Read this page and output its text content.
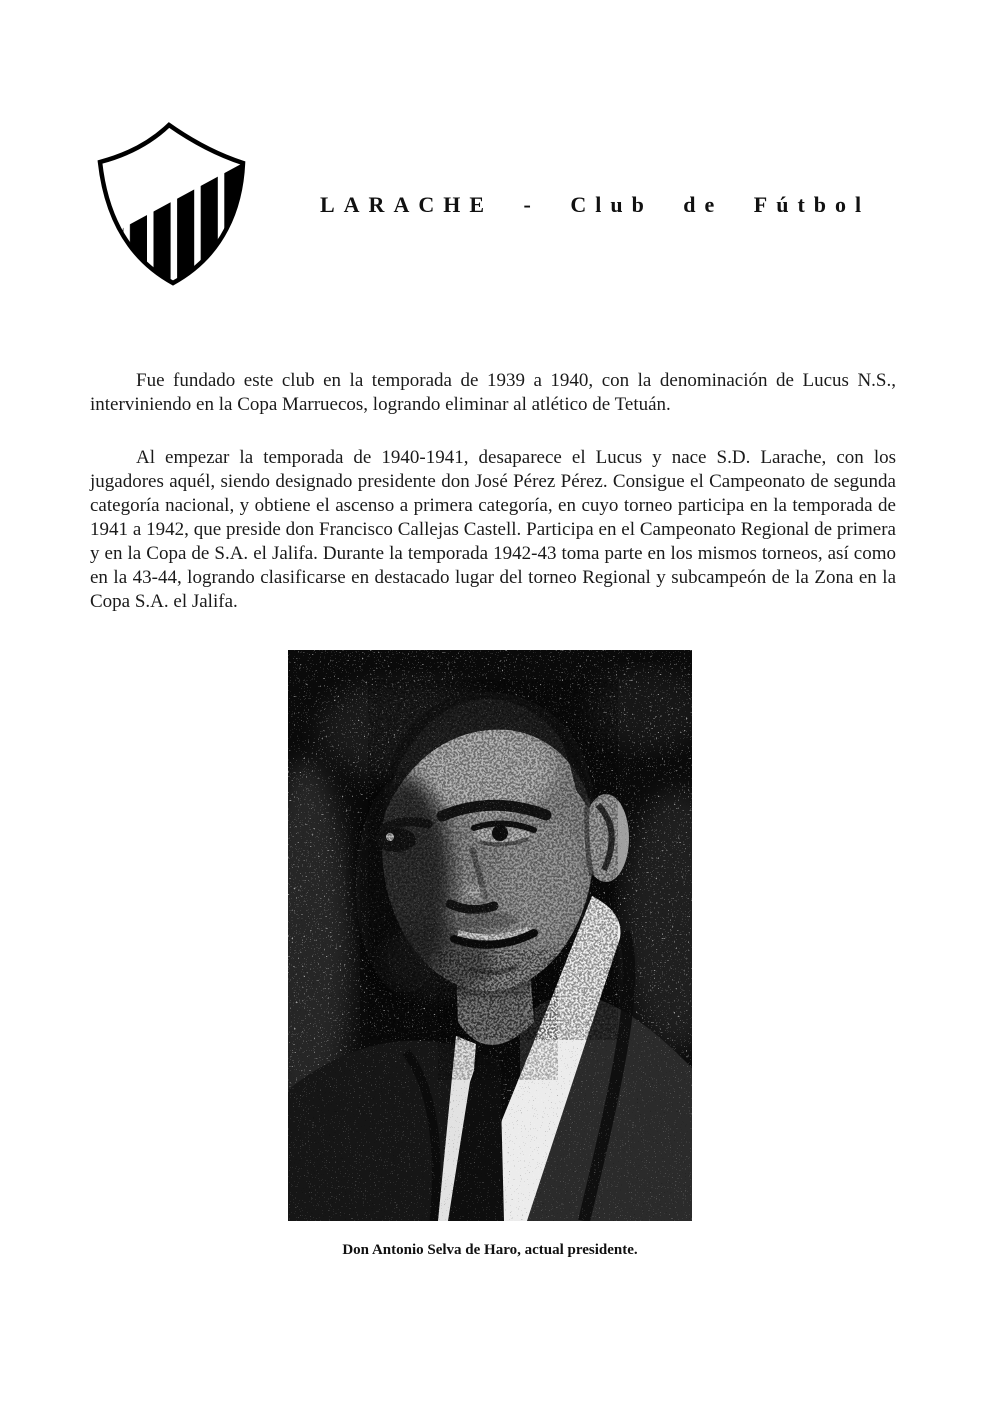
LARACHE - Club de Fútbol

Fue fundado este club en la temporada de 1939 a 1940, con la denominación de Lucus N.S., interviniendo en la Copa Marruecos, logrando eliminar al atlético de Tetuán.

Al empezar la temporada de 1940-1941, desaparece el Lucus y nace S.D. Larache, con los jugadores aquél, siendo designado presidente don José Pérez Pérez. Consigue el Campeonato de segunda categoría nacional, y obtiene el ascenso a primera categoría, en cuyo torneo participa en la temporada de 1941 a 1942, que preside don Francisco Callejas Castell. Participa en el Campeonato Regional de primera y en la Copa de S.A. el Jalifa. Durante la temporada 1942-43 toma parte en los mismos torneos, así como en la 43-44, logrando clasificarse en destacado lugar del torneo Regional y subcampeón de la Zona en la Copa S.A. el Jalifa.

Don Antonio Selva de Haro, actual presidente.
